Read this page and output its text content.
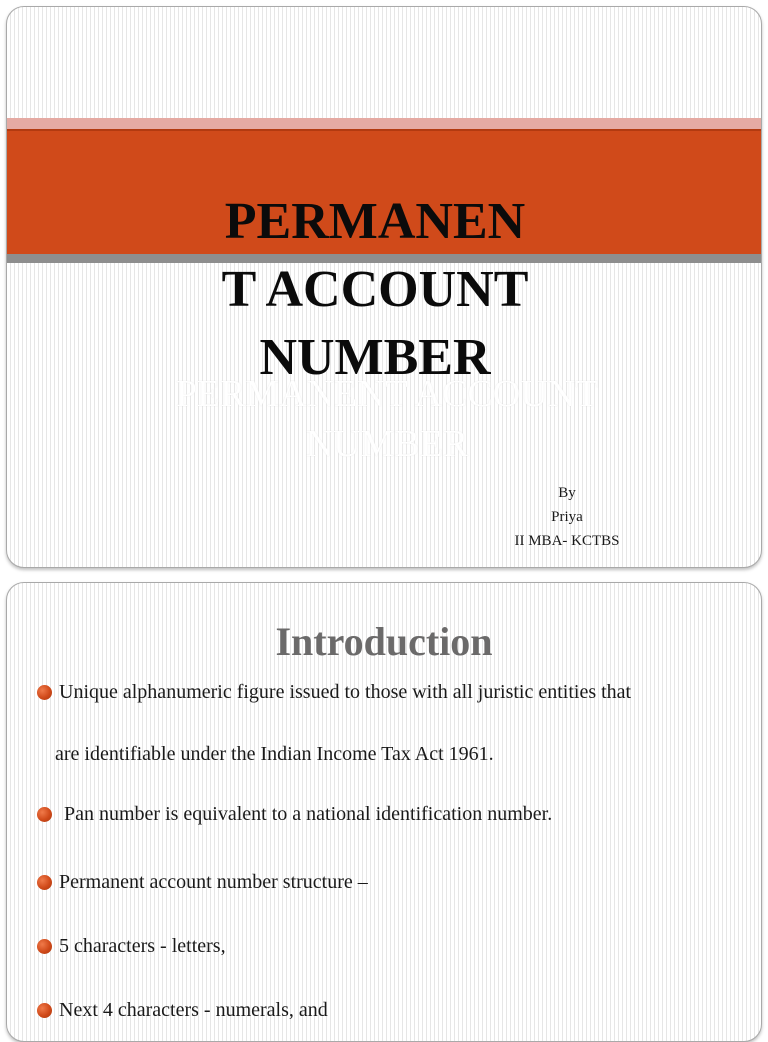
PERMANEN
T ACCOUNT
NUMBER
PERMANENT ACCOUNT
NUMBER
By
Priya
II MBA- KCTBS
Introduction
Unique alphanumeric figure issued to those with all juristic entities that
Pan number is equivalent to a national identification number.
Permanent account number structure –
5 characters - letters,
Next 4 characters - numerals, and
are identifiable under the Indian Income Tax Act 1961.
